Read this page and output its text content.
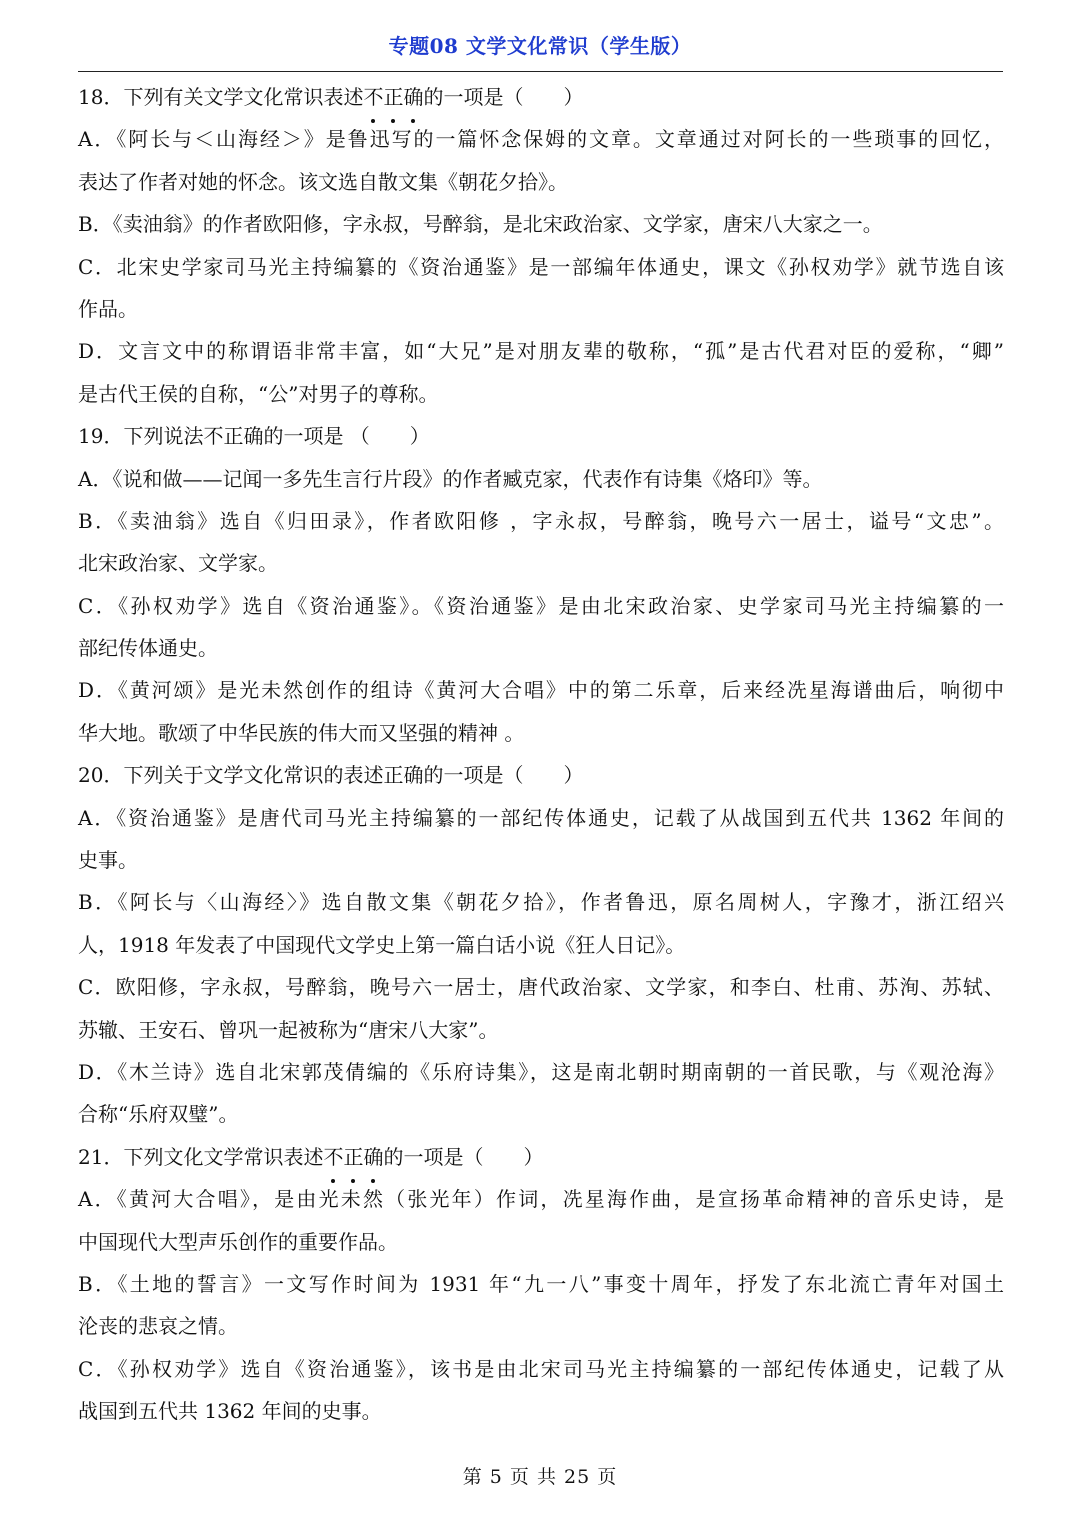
专题08 文学文化常识（学生版）
18．下列有关文学文化常识表述不正确的一项是（　　）
A．《阿长与＜山海经＞》是鲁迅写的一篇怀念保姆的文章。文章通过对阿长的一些琐事的回忆，
表达了作者对她的怀念。该文选自散文集《朝花夕拾》。
B．《卖油翁》的作者欧阳修，字永叔，号醉翁，是北宋政治家、文学家，唐宋八大家之一。
C．北宋史学家司马光主持编纂的《资治通鉴》是一部编年体通史，课文《孙权劝学》就节选自该
作品。
D．文言文中的称谓语非常丰富，如“大兄”是对朋友辈的敬称，“孤”是古代君对臣的爱称，“卿”
是古代王侯的自称，“公”对男子的尊称。
19．下列说法不正确的一项是 （　　）
A．《说和做——记闻一多先生言行片段》的作者臧克家，代表作有诗集《烙印》等。
B．《卖油翁》选自《归田录》，作者欧阳修 ，字永叔，号醉翁，晚号六一居士，谥号“文忠”。
北宋政治家、文学家。
C．《孙权劝学》选自《资治通鉴》。《资治通鉴》是由北宋政治家、史学家司马光主持编纂的一
部纪传体通史。
D．《黄河颂》是光未然创作的组诗《黄河大合唱》中的第二乐章，后来经冼星海谱曲后，响彻中
华大地。歌颂了中华民族的伟大而又坚强的精神 。
20．下列关于文学文化常识的表述正确的一项是（　　）
A．《资治通鉴》是唐代司马光主持编纂的一部纪传体通史，记载了从战国到五代共 1362 年间的
史事。
B．《阿长与〈山海经〉》选自散文集《朝花夕拾》，作者鲁迅，原名周树人，字豫才，浙江绍兴
人，1918 年发表了中国现代文学史上第一篇白话小说《狂人日记》。
C．欧阳修，字永叔，号醉翁，晚号六一居士，唐代政治家、文学家，和李白、杜甫、苏洵、苏轼、
苏辙、王安石、曾巩一起被称为“唐宋八大家”。
D．《木兰诗》选自北宋郭茂倩编的《乐府诗集》，这是南北朝时期南朝的一首民歌，与《观沧海》
合称“乐府双璧”。
21．下列文化文学常识表述不正确的一项是（　　）
A．《黄河大合唱》，是由光未然（张光年）作词，冼星海作曲，是宣扬革命精神的音乐史诗，是
中国现代大型声乐创作的重要作品。
B．《土地的誓言》一文写作时间为 1931 年“九一八”事变十周年，抒发了东北流亡青年对国土
沦丧的悲哀之情。
C．《孙权劝学》选自《资治通鉴》，该书是由北宋司马光主持编纂的一部纪传体通史，记载了从
战国到五代共 1362 年间的史事。
第 5 页 共 25 页
